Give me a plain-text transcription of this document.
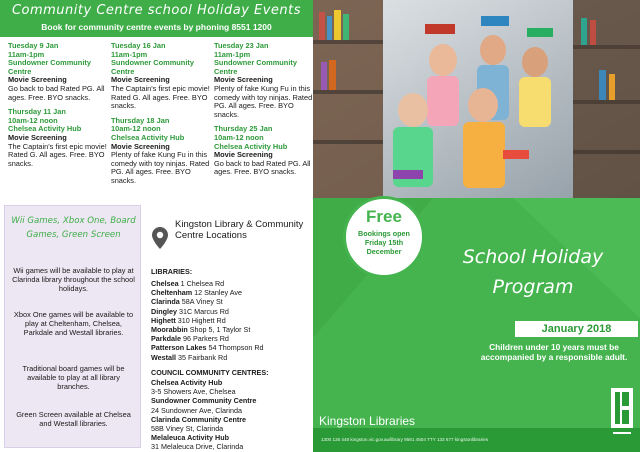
Community Centre school Holiday Events
Book for community centre events by phoning 8551 1200
Tuesday 9 Jan
11am-1pm
Sundowner Community Centre
Movie Screening
Go back to bad Rated PG. All ages. Free. BYO snacks.
Thursday 11 Jan
10am-12 noon
Chelsea Activity Hub
Movie Screening
The Captain's first epic movie! Rated G. All ages. Free. BYO snacks.
Tuesday 16 Jan
11am-1pm
Sundowner Community Centre
Movie Screening
The Captain's first epic movie! Rated G. All ages. Free. BYO snacks.
Thursday 18 Jan
10am-12 noon
Chelsea Activity Hub
Movie Screening
Plenty of fake Kung Fu in this comedy with toy ninjas. Rated PG. All ages. Free. BYO snacks.
Tuesday 23 Jan
11am-1pm
Sundowner Community Centre
Movie Screening
Plenty of fake Kung Fu in this comedy with toy ninjas. Rated PG. All ages. Free. BYO snacks.
Thursday 25 Jan
10am-12 noon
Chelsea Activity Hub
Movie Screening
Go back to bad Rated PG. All ages. Free. BYO snacks.
Wii Games, Xbox One, Board Games, Green Screen
Wii games will be available to play at Clarinda library throughout the school holidays.
Xbox One games will be available to play at Cheltenham, Chelsea, Parkdale and Westall libraries.
Traditional board games will be available to play at all library branches.
Green Screen available at Chelsea and Westall libraries.
Kingston Library & Community Centre Locations
LIBRARIES:
Chelsea 1 Chelsea Rd
Cheltenham 12 Stanley Ave
Clarinda 58A Viney St
Dingley 31C Marcus Rd
Highett 310 Highett Rd
Moorabbin Shop 5, 1 Taylor St
Parkdale 96 Parkers Rd
Patterson Lakes 54 Thompson Rd
Westall 35 Fairbank Rd
COUNCIL COMMUNITY CENTRES:
Chelsea Activity Hub
3-5 Showers Ave, Chelsea
Sundowner Community Centre
24 Sundowner Ave, Clarinda
Clarinda Community Centre
58B Viney St, Clarinda
Melaleuca Activity Hub
31 Melaleuca Drive, Clarinda
Free
Bookings open Friday 15th December	School Holiday Program
January 2018
Children under 10 years must be accompanied by a responsible adult.
Kingston Libraries
1300 135 448 kingston.vic.gov.au/library 9581 4504 TTY 133 677 kingstonlibraries
